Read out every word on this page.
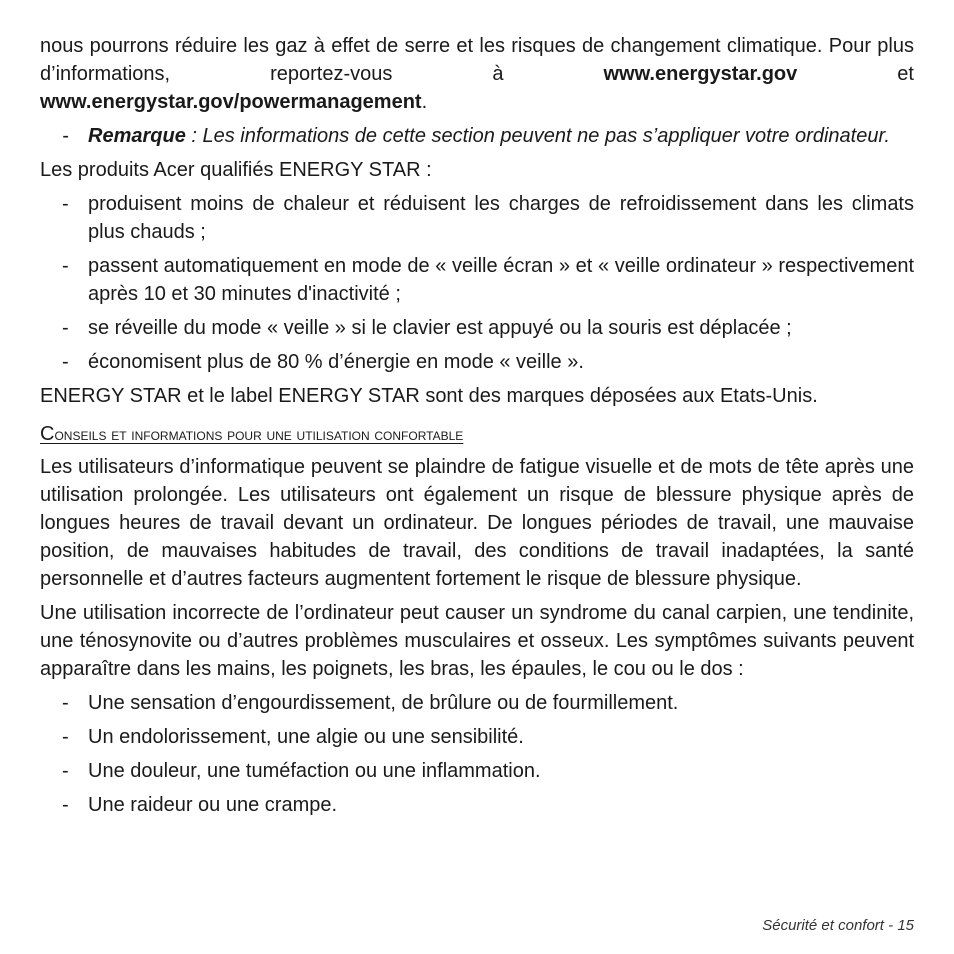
nous pourrons réduire les gaz à effet de serre et les risques de changement climatique. Pour plus d’informations, reportez-vous à	www.energystar.gov	et www.energystar.gov/powermanagement.

- Remarque : Les informations de cette section peuvent ne pas s’appliquer votre ordinateur.

Les produits Acer qualifiés ENERGY STAR :

- produisent moins de chaleur et réduisent les charges de refroidissement dans les climats plus chauds ;
- passent automatiquement en mode de « veille écran » et « veille ordinateur » respectivement après 10 et 30 minutes d'inactivité ;
- se réveille du mode « veille » si le clavier est appuyé ou la souris est déplacée ;
- économisent plus de 80 % d’énergie en mode « veille ».

ENERGY STAR et le label ENERGY STAR sont des marques déposées aux Etats-Unis.

Conseils et informations pour une utilisation confortable

Les utilisateurs d’informatique peuvent se plaindre de fatigue visuelle et de mots de tête après une utilisation prolongée. Les utilisateurs ont également un risque de blessure physique après de longues heures de travail devant un ordinateur. De longues périodes de travail, une mauvaise position, de mauvaises habitudes de travail, des conditions de travail inadaptées, la santé personnelle et d’autres facteurs augmentent fortement le risque de blessure physique.

Une utilisation incorrecte de l’ordinateur peut causer un syndrome du canal carpien, une tendinite, une ténosynovite ou d’autres problèmes musculaires et osseux. Les symptômes suivants peuvent apparaître dans les mains, les poignets, les bras, les épaules, le cou ou le dos :

- Une sensation d’engourdissement, de brûlure ou de fourmillement.
- Un endolorissement, une algie ou une sensibilité.
- Une douleur, une tuméfaction ou une inflammation.
- Une raideur ou une crampe.
Sécurité et confort - 15
